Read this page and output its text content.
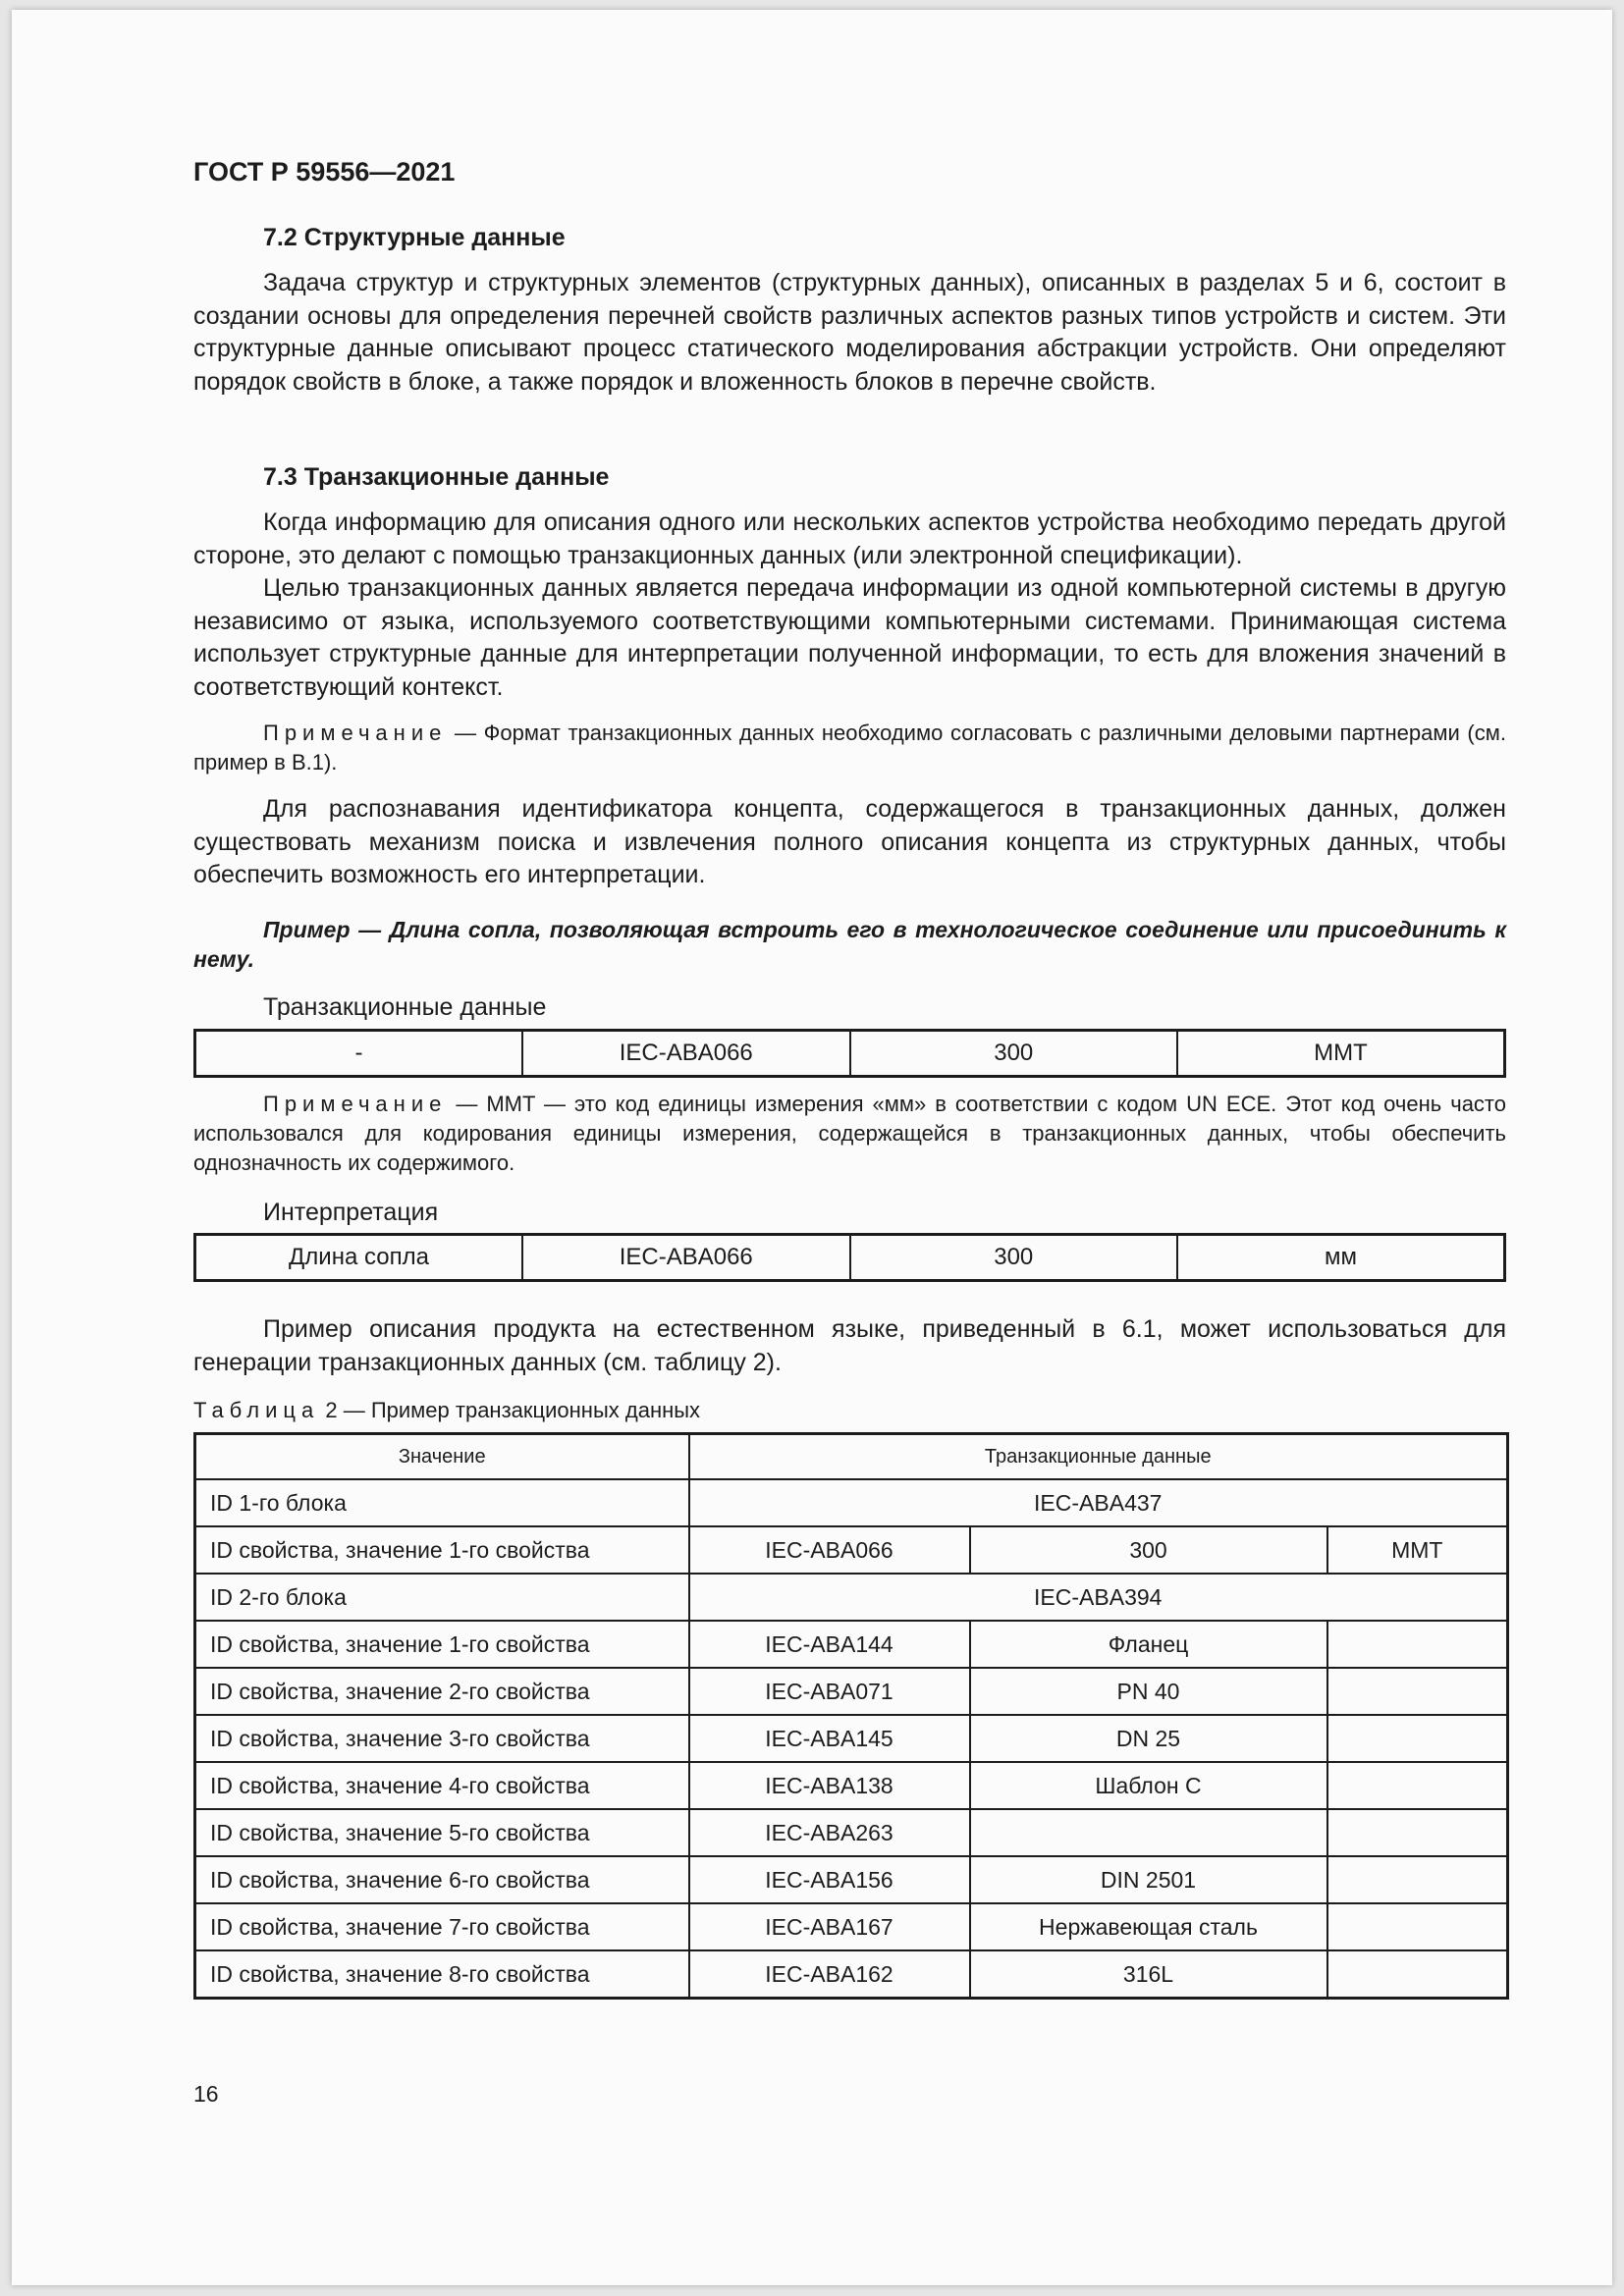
ГОСТ Р 59556—2021
7.2 Структурные данные
Задача структур и структурных элементов (структурных данных), описанных в разделах 5 и 6, состоит в создании основы для определения перечней свойств различных аспектов разных типов устройств и систем. Эти структурные данные описывают процесс статического моделирования абстракции устройств. Они определяют порядок свойств в блоке, а также порядок и вложенность блоков в перечне свойств.
7.3 Транзакционные данные
Когда информацию для описания одного или нескольких аспектов устройства необходимо передать другой стороне, это делают с помощью транзакционных данных (или электронной спецификации).
Целью транзакционных данных является передача информации из одной компьютерной системы в другую независимо от языка, используемого соответствующими компьютерными системами. Принимающая система использует структурные данные для интерпретации полученной информации, то есть для вложения значений в соответствующий контекст.
Примечание — Формат транзакционных данных необходимо согласовать с различными деловыми партнерами (см. пример в В.1).
Для распознавания идентификатора концепта, содержащегося в транзакционных данных, должен существовать механизм поиска и извлечения полного описания концепта из структурных данных, чтобы обеспечить возможность его интерпретации.
Пример — Длина сопла, позволяющая встроить его в технологическое соединение или присоединить к нему.
Транзакционные данные
-	IEC-ABA066	300	MMT
Примечание — MMT — это код единицы измерения «мм» в соответствии с кодом UN ECE. Этот код очень часто использовался для кодирования единицы измерения, содержащейся в транзакционных данных, чтобы обеспечить однозначность их содержимого.
Интерпретация
Длина сопла	IEC-ABA066	300	мм
Пример описания продукта на естественном языке, приведенный в 6.1, может использоваться для генерации транзакционных данных (см. таблицу 2).
Таблица 2 — Пример транзакционных данных
Значение	Транзакционные данные		
ID 1-го блока	IEC-ABA437		
ID свойства, значение 1-го свойства	IEC-ABA066	300	MMT
ID 2-го блока	IEC-ABA394		
ID свойства, значение 1-го свойства	IEC-ABA144	Фланец	
ID свойства, значение 2-го свойства	IEC-ABA071	PN 40	
ID свойства, значение 3-го свойства	IEC-ABA145	DN 25	
ID свойства, значение 4-го свойства	IEC-ABA138	Шаблон С	
ID свойства, значение 5-го свойства	IEC-ABA263		
ID свойства, значение 6-го свойства	IEC-ABA156	DIN 2501	
ID свойства, значение 7-го свойства	IEC-ABA167	Нержавеющая сталь	
ID свойства, значение 8-го свойства	IEC-ABA162	316L	
16
